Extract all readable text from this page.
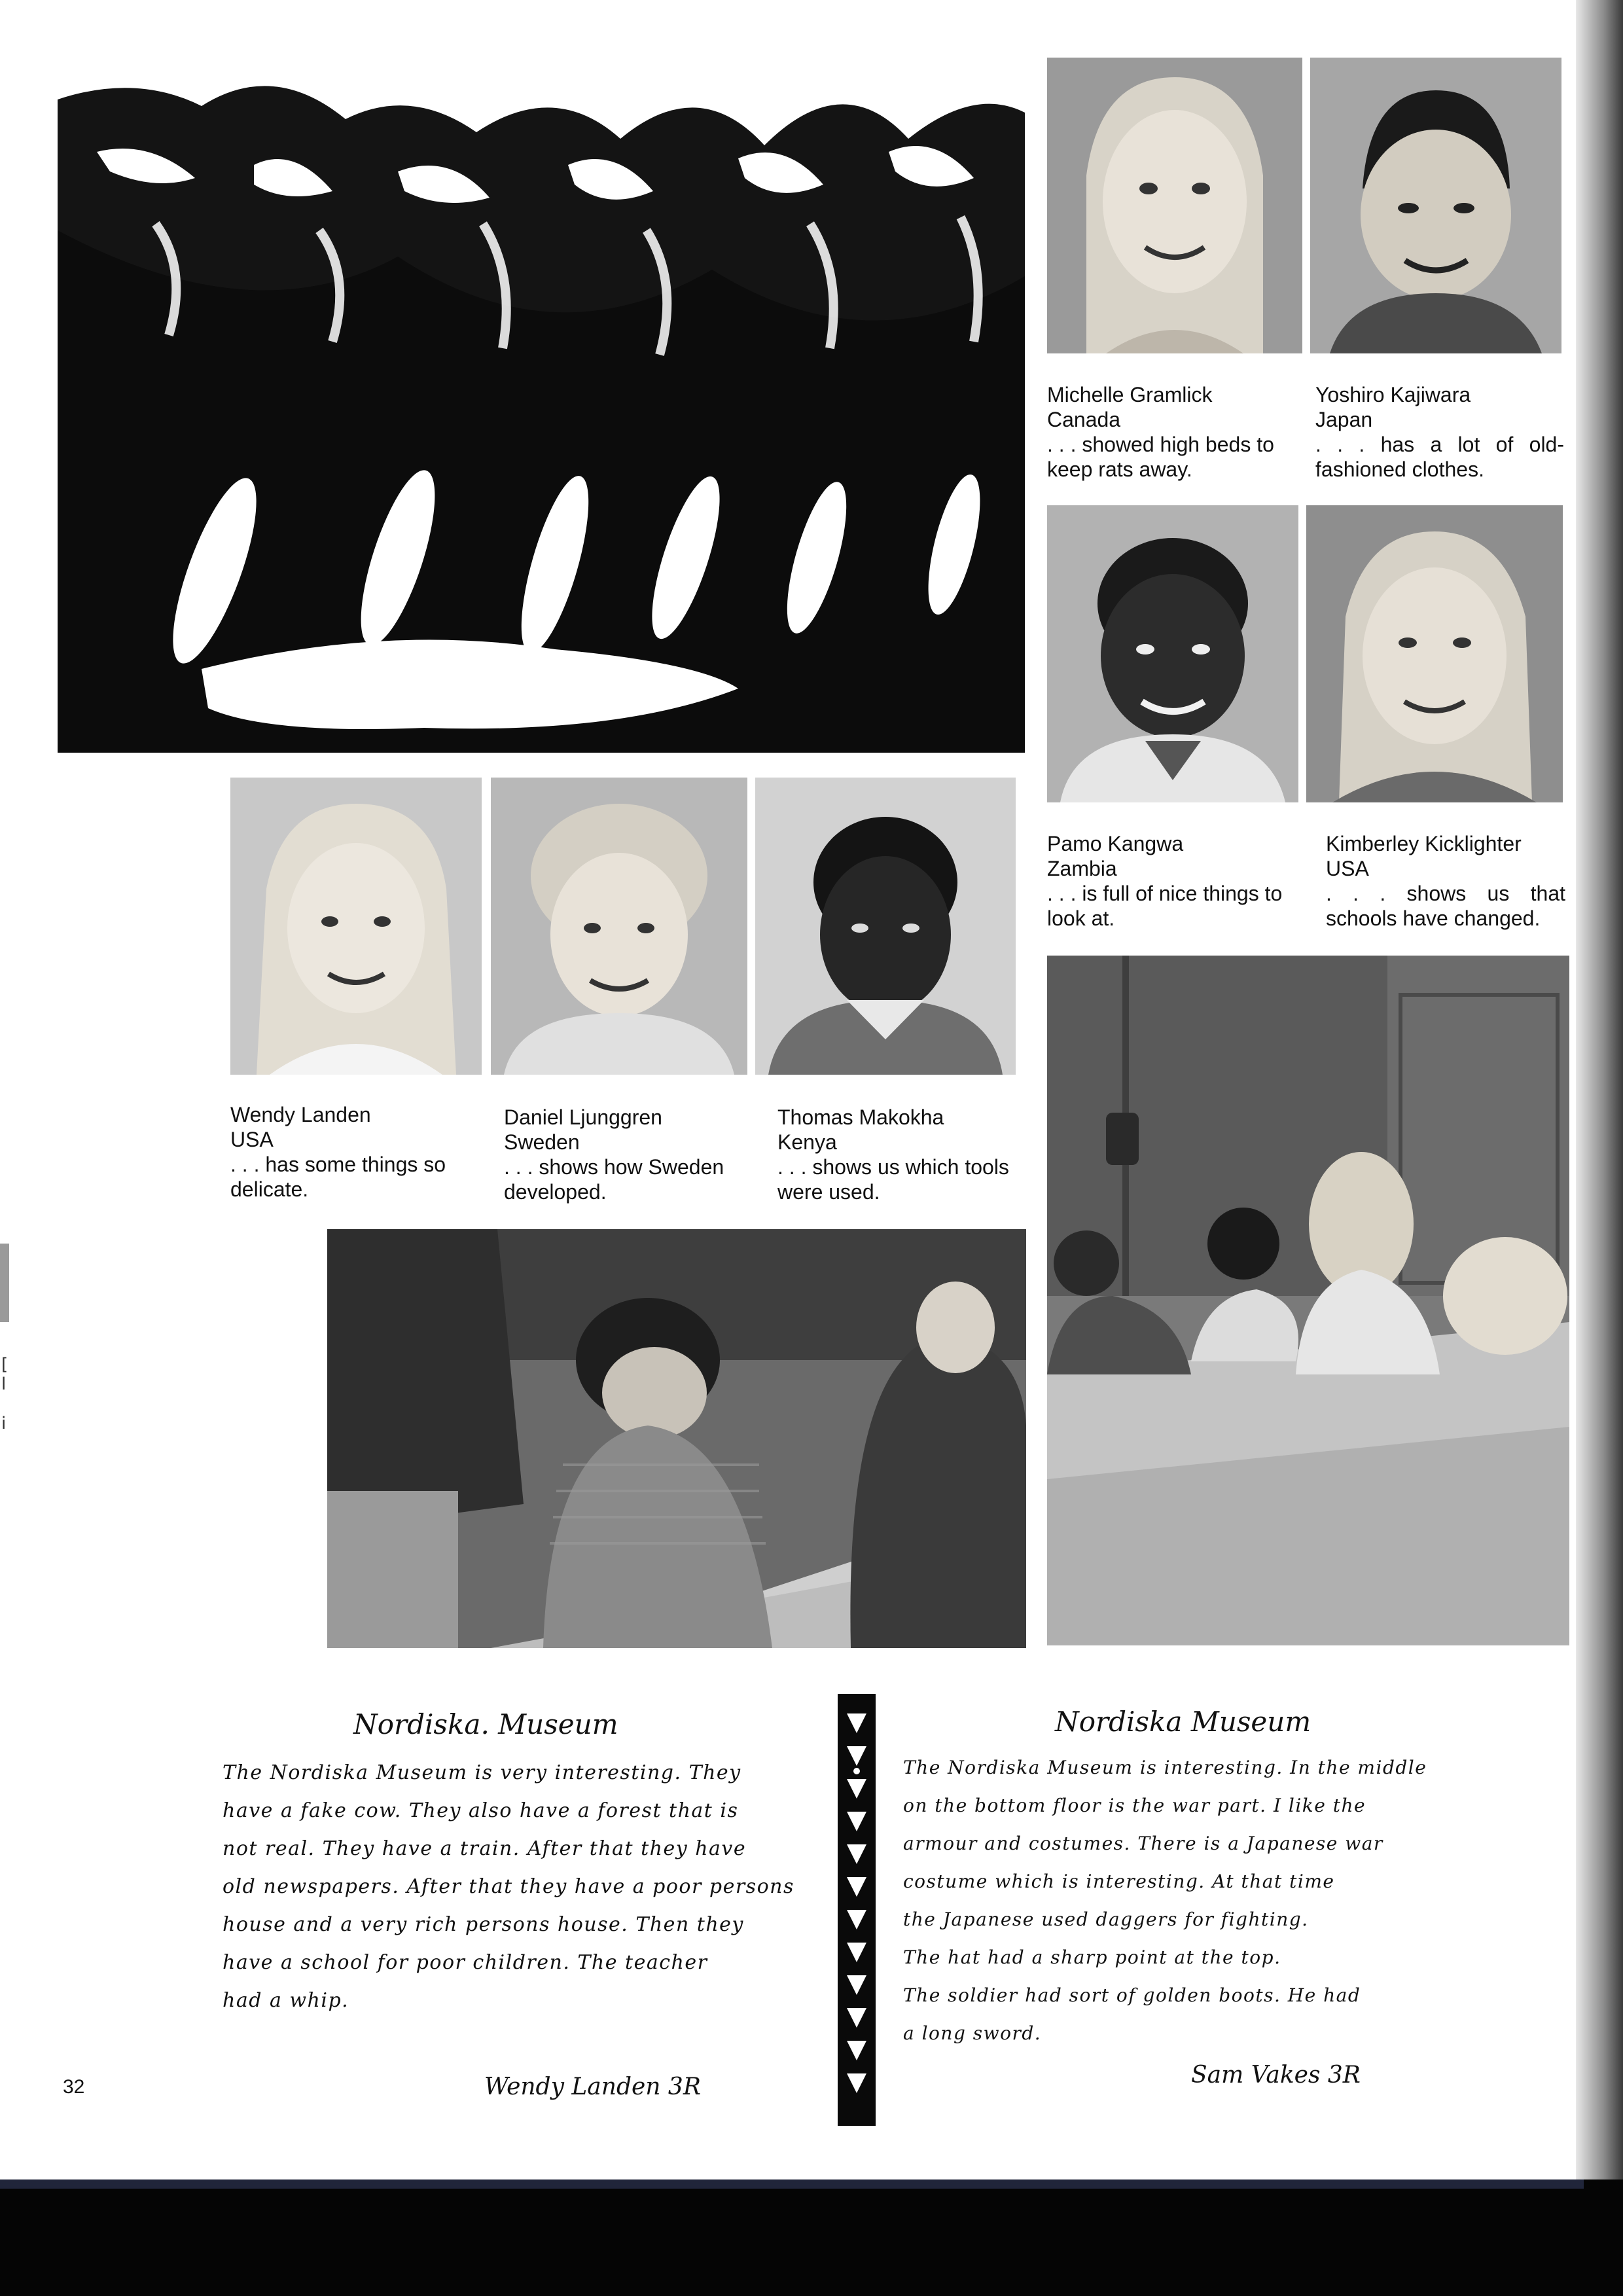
[
l
i
Michelle Gramlick
Canada
. . . showed high beds to keep rats away.
Yoshiro Kajiwara
Japan
. . . has a lot of old-fashioned clothes.
Pamo Kangwa
Zambia
. . . is full of nice things to look at.
Kimberley Kicklighter
USA
. . . shows us that schools have changed.
Wendy Landen
USA
. . . has some things so delicate.
Daniel Ljunggren
Sweden
. . . shows how Sweden developed.
Thomas Makokha
Kenya
. . . shows us which tools were used.
Nordiska. Museum
The Nordiska Museum is very interesting. They
have a fake cow. They also have a forest that is
not real. They have a train. After that they have
old newspapers. After that they have a poor persons
house and a very rich persons house. Then they
have a school for poor children. The teacher
had a whip.
Wendy Landen 3R
Nordiska Museum
The Nordiska Museum is interesting. In the middle
on the bottom floor is the war part. I like the
armour and costumes. There is a Japanese war
costume which is interesting. At that time
the Japanese used daggers for fighting.
The hat had a sharp point at the top.
The soldier had sort of golden boots. He had
a long sword.
Sam Vakes 3R
32
